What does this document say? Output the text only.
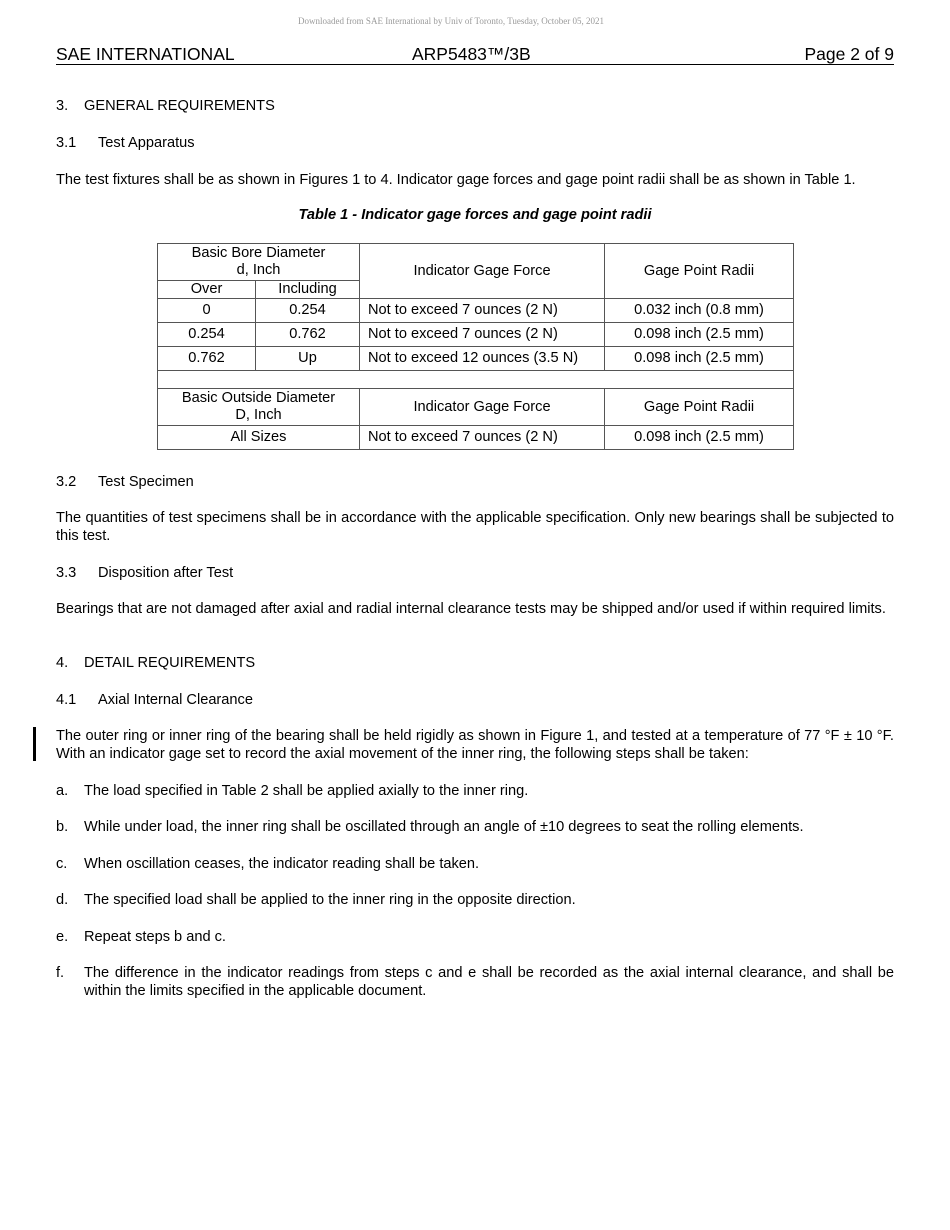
Downloaded from SAE International by Univ of Toronto, Tuesday, October 05, 2021
SAE INTERNATIONAL	ARP5483™/3B	Page 2 of 9
3. GENERAL REQUIREMENTS
3.1 Test Apparatus
The test fixtures shall be as shown in Figures 1 to 4. Indicator gage forces and gage point radii shall be as shown in Table 1.
Table 1 - Indicator gage forces and gage point radii
Basic Bore Diameter
d, Inch		Indicator Gage Force	Gage Point Radii
Over	Including		
0	0.254	Not to exceed 7 ounces (2 N)	0.032 inch (0.8 mm)
0.254	0.762	Not to exceed 7 ounces (2 N)	0.098 inch (2.5 mm)
0.762	Up	Not to exceed 12 ounces (3.5 N)	0.098 inch (2.5 mm)

Basic Outside Diameter
D, Inch		Indicator Gage Force	Gage Point Radii
All Sizes		Not to exceed 7 ounces (2 N)	0.098 inch (2.5 mm)
3.2 Test Specimen
The quantities of test specimens shall be in accordance with the applicable specification. Only new bearings shall be subjected to this test.
3.3 Disposition after Test
Bearings that are not damaged after axial and radial internal clearance tests may be shipped and/or used if within required limits.
4. DETAIL REQUIREMENTS
4.1 Axial Internal Clearance
The outer ring or inner ring of the bearing shall be held rigidly as shown in Figure 1, and tested at a temperature of 77 °F ± 10 °F. With an indicator gage set to record the axial movement of the inner ring, the following steps shall be taken:
a. The load specified in Table 2 shall be applied axially to the inner ring.
b. While under load, the inner ring shall be oscillated through an angle of ±10 degrees to seat the rolling elements.
c. When oscillation ceases, the indicator reading shall be taken.
d. The specified load shall be applied to the inner ring in the opposite direction.
e. Repeat steps b and c.
f. The difference in the indicator readings from steps c and e shall be recorded as the axial internal clearance, and shall be within the limits specified in the applicable document.
